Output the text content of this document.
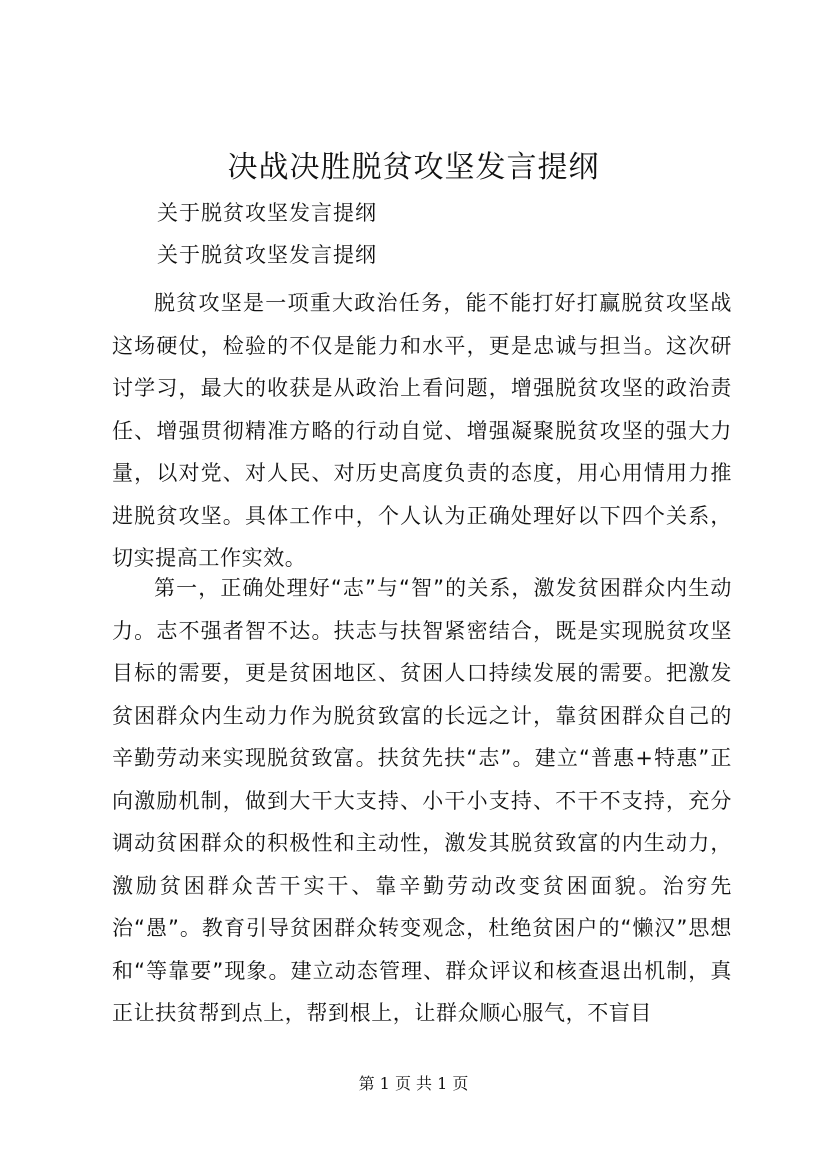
决战决胜脱贫攻坚发言提纲
关于脱贫攻坚发言提纲
关于脱贫攻坚发言提纲

脱贫攻坚是一项重大政治任务，能不能打好打赢脱贫攻坚战这场硬仗，检验的不仅是能力和水平，更是忠诚与担当。这次研讨学习，最大的收获是从政治上看问题，增强脱贫攻坚的政治责任、增强贯彻精准方略的行动自觉、增强凝聚脱贫攻坚的强大力量，以对党、对人民、对历史高度负责的态度，用心用情用力推进脱贫攻坚。具体工作中，个人认为正确处理好以下四个关系，切实提高工作实效。

第一，正确处理好“志”与“智”的关系，激发贫困群众内生动力。志不强者智不达。扶志与扶智紧密结合，既是实现脱贫攻坚目标的需要，更是贫困地区、贫困人口持续发展的需要。把激发贫困群众内生动力作为脱贫致富的长远之计，靠贫困群众自己的辛勤劳动来实现脱贫致富。扶贫先扶“志”。建立“普惠+特惠”正向激励机制，做到大干大支持、小干小支持、不干不支持，充分调动贫困群众的积极性和主动性，激发其脱贫致富的内生动力，激励贫困群众苦干实干、靠辛勤劳动改变贫困面貌。治穷先治“愚”。教育引导贫困群众转变观念，杜绝贫困户的“懒汉”思想和“等靠要”现象。建立动态管理、群众评议和核查退出机制，真正让扶贫帮到点上，帮到根上，让群众顺心服气，不盲目

第 1 页 共 1 页
